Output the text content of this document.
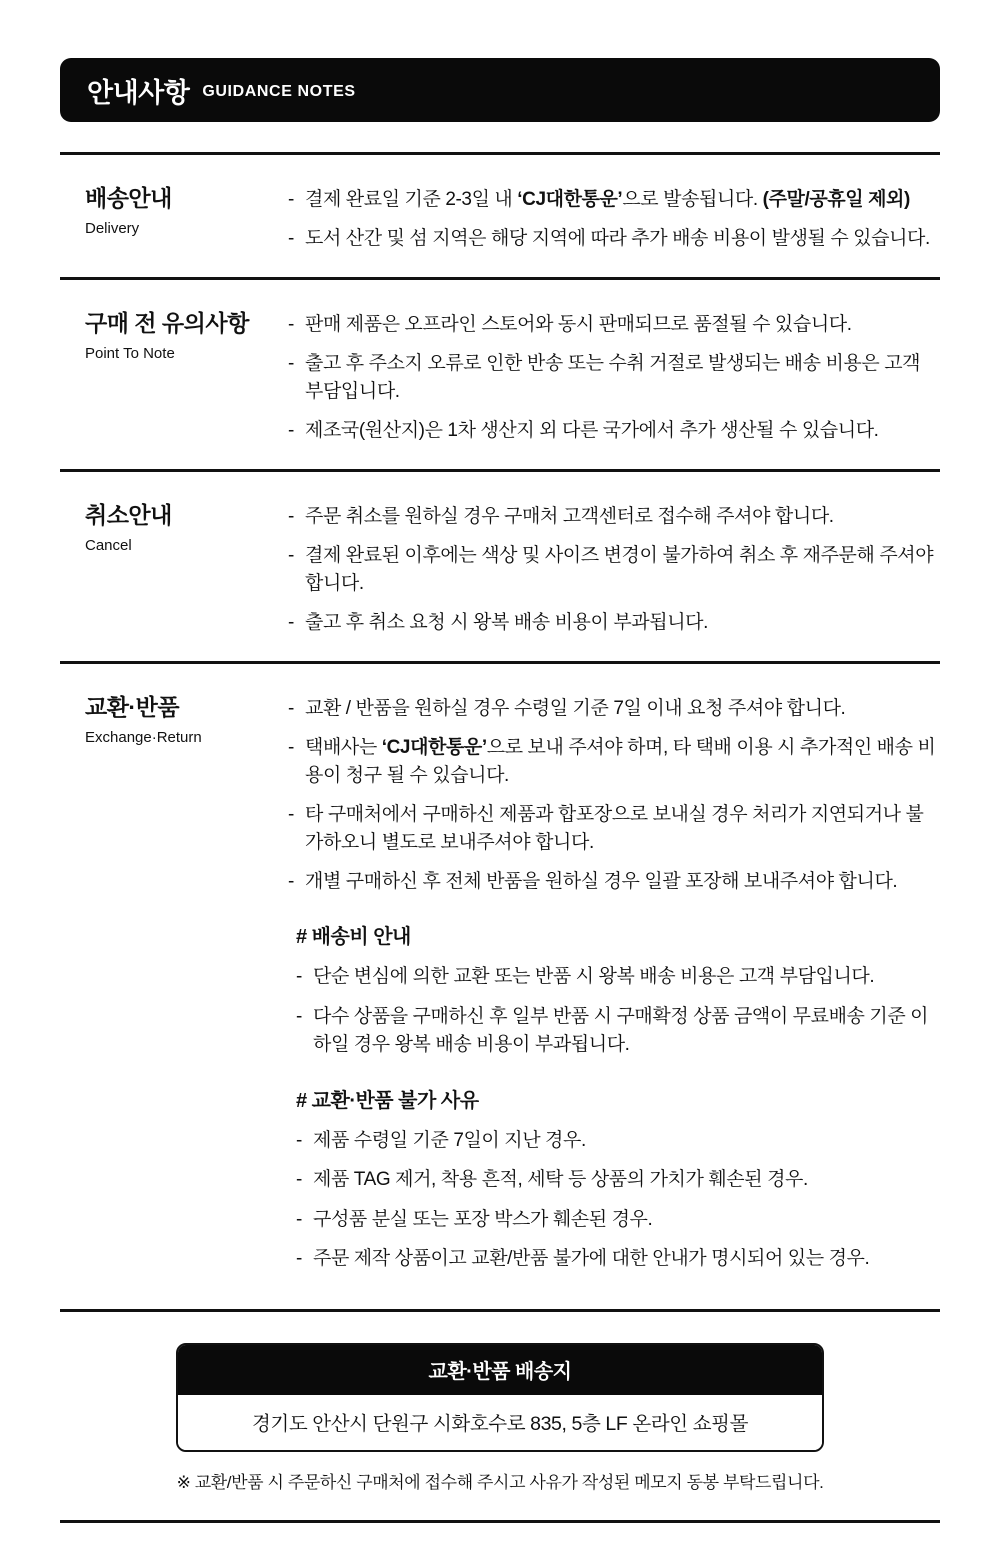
안내사항 GUIDANCE NOTES
배송안내
Delivery
- 결제 완료일 기준 2-3일 내 ‘CJ대한통운’으로 발송됩니다. (주말/공휴일 제외)

- 도서 산간 및 섬 지역은 해당 지역에 따라 추가 배송 비용이 발생될 수 있습니다.

구매 전 유의사항
Point To Note
- 판매 제품은 오프라인 스토어와 동시 판매되므로 품절될 수 있습니다.

- 출고 후 주소지 오류로 인한 반송 또는 수취 거절로 발생되는 배송 비용은 고객 부담입니다.

- 제조국(원산지)은 1차 생산지 외 다른 국가에서 추가 생산될 수 있습니다.

취소안내
Cancel
- 주문 취소를 원하실 경우 구매처 고객센터로 접수해 주셔야 합니다.

- 결제 완료된 이후에는 색상 및 사이즈 변경이 불가하여 취소 후 재주문해 주셔야 합니다.

- 출고 후 취소 요청 시 왕복 배송 비용이 부과됩니다.

교환·반품
Exchange·Return
- 교환 / 반품을 원하실 경우 수령일 기준 7일 이내 요청 주셔야 합니다.

- 택배사는 ‘CJ대한통운’으로 보내 주셔야 하며, 타 택배 이용 시 추가적인 배송 비용이 청구 될 수 있습니다.

- 타 구매처에서 구매하신 제품과 합포장으로 보내실 경우 처리가 지연되거나 불가하오니 별도로 보내주셔야 합니다.

- 개별 구매하신 후 전체 반품을 원하실 경우 일괄 포장해 보내주셔야 합니다.

# 배송비 안내
- 단순 변심에 의한 교환 또는 반품 시 왕복 배송 비용은 고객 부담입니다.

- 다수 상품을 구매하신 후 일부 반품 시 구매확정 상품 금액이 무료배송 기준 이하일 경우 왕복 배송 비용이 부과됩니다.

# 교환·반품 불가 사유
- 제품 수령일 기준 7일이 지난 경우.

- 제품 TAG 제거, 착용 흔적, 세탁 등 상품의 가치가 훼손된 경우.

- 구성품 분실 또는 포장 박스가 훼손된 경우.

- 주문 제작 상품이고 교환/반품 불가에 대한 안내가 명시되어 있는 경우.

교환·반품 배송지
경기도 안산시 단원구 시화호수로 835, 5층 LF 온라인 쇼핑몰
※ 교환/반품 시 주문하신 구매처에 접수해 주시고 사유가 작성된 메모지 동봉 부탁드립니다.
